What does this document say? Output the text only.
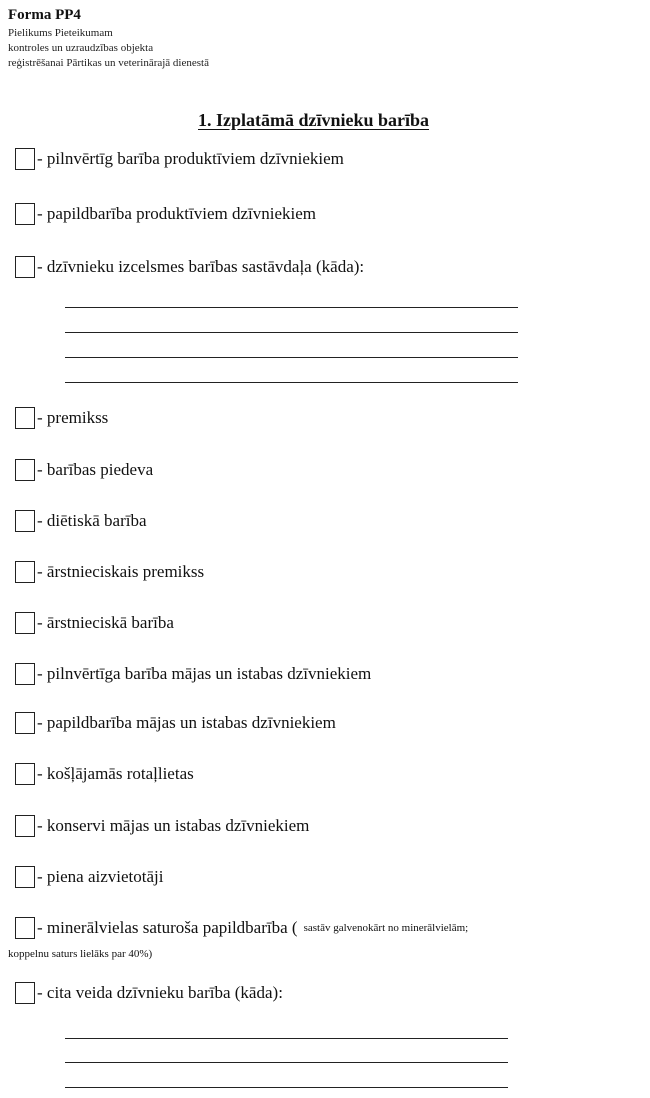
Forma PP4
Pielikums Pieteikumam
kontroles un uzraudzības objekta
reģistrēšanai Pārtikas un veterinārajā dienestā
1. Izplatāmā dzīvnieku barība
- pilnvērtīg barība produktīviem dzīvniekiem
- papildbarība produktīviem dzīvniekiem
- dzīvnieku izcelsmes barības sastāvdaļa (kāda):
- premikss
- barības piedeva
- diētiskā barība
- ārstnieciskais premikss
- ārstnieciskā barība
- pilnvērtīga barība mājas un istabas dzīvniekiem
- papildbarība mājas un istabas dzīvniekiem
- košļājamās rotaļlietas
- konservi mājas un istabas dzīvniekiem
- piena aizvietotāji
- minerālvielas saturoša papildbarība ( sastāv galvenokārt no minerālvielām;
koppelnu saturs lielāks par 40%)
- cita veida dzīvnieku barība (kāda):
